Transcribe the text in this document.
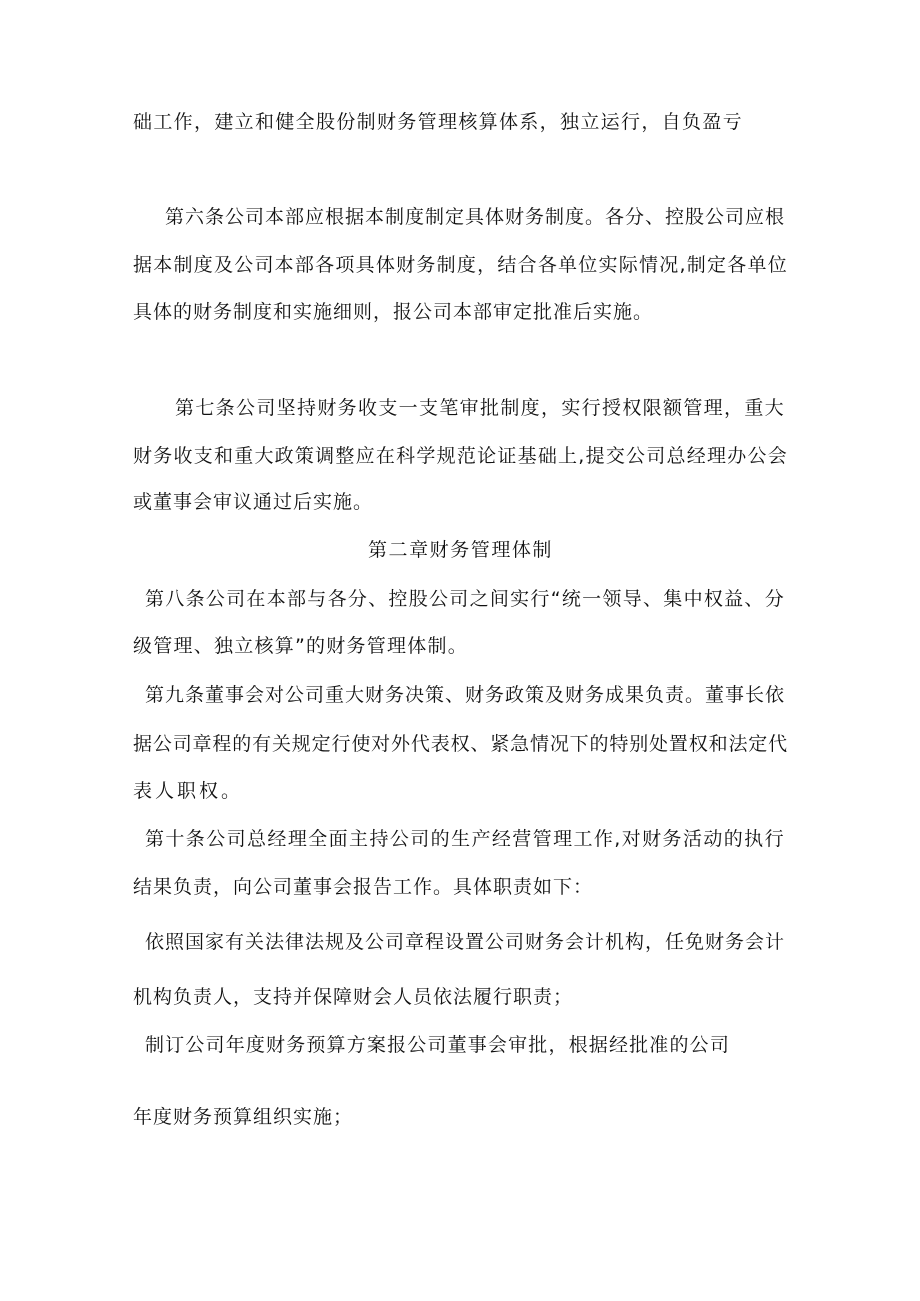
础工作，建立和健全股份制财务管理核算体系，独立运行，自负盈亏
第六条公司本部应根据本制度制定具体财务制度。各分、控股公司应根
据本制度及公司本部各项具体财务制度，结合各单位实际情况,制定各单位
具体的财务制度和实施细则，报公司本部审定批准后实施。
第七条公司坚持财务收支一支笔审批制度，实行授权限额管理，重大
财务收支和重大政策调整应在科学规范论证基础上,提交公司总经理办公会
或董事会审议通过后实施。
第二章财务管理体制
第八条公司在本部与各分、控股公司之间实行“统一领导、集中权益、分
级管理、独立核算”的财务管理体制。
第九条董事会对公司重大财务决策、财务政策及财务成果负责。董事长依
据公司章程的有关规定行使对外代表权、紧急情况下的特别处置权和法定代
表人职权。
第十条公司总经理全面主持公司的生产经营管理工作,对财务活动的执行
结果负责，向公司董事会报告工作。具体职责如下：
依照国家有关法律法规及公司章程设置公司财务会计机构，任免财务会计
机构负责人，支持并保障财会人员依法履行职责；
制订公司年度财务预算方案报公司董事会审批，根据经批准的公司
年度财务预算组织实施；
